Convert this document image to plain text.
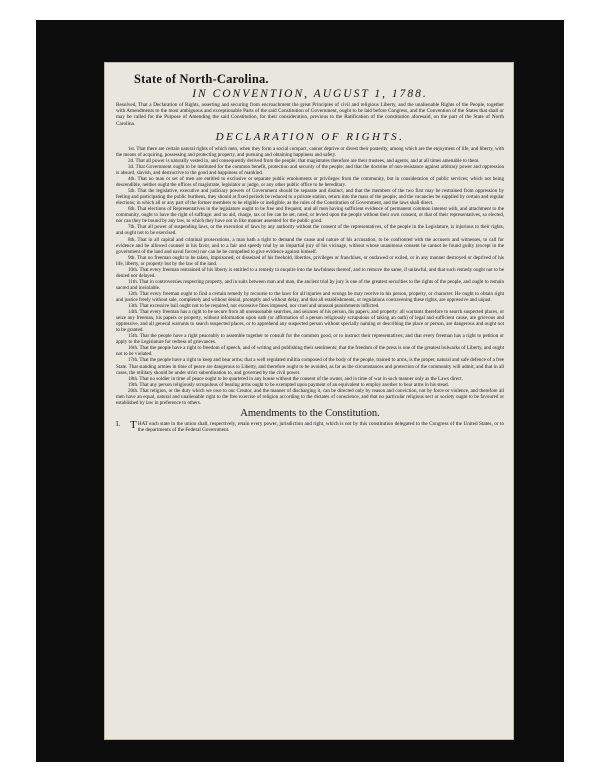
State of North-Carolina.
IN CONVENTION, AUGUST 1, 1788.

Resolved, That a Declaration of Rights, asserting and securing from encroachment the great Principles of civil and religious Liberty, and the unalienable Rights of the People, together with Amendments to the most ambiguous and exceptionable Parts of the said Constitution of Government, ought to be laid before Congress, and the Convention of the States that shall or may be called for the Purpose of Amending the said Constitution, for their consideration, previous to the Ratification of the constitution aforesaid, on the part of the State of North Carolina.

DECLARATION OF RIGHTS.

1st. That there are certain natural rights of which men, when they form a social compact, cannot deprive or divest their posterity, among which are the enjoyment of life, and liberty, with the means of acquiring, possessing and protecting property, and pursuing and obtaining happiness and safety.

2d. That all power is naturally vested in, and consequently derived from the people; that magistrates therefore are their trustees, and agents, and at all times amenable to them.

3d. That Government ought to be instituted for the common benefit, protection and security of the people; and that the doctrine of non-resistance against arbitrary power and oppression is absurd, slavish, and destructive to the good and happiness of mankind.

4th. That no man or set of men are entitled to exclusive or separate public emoluments or privileges from the community, but in consideration of public services; which not being descendible, neither ought the offices of magistrate, legislator or judge, or any other public office to be hereditary.

5th. That the legislative, executive and judiciary powers of Government should be separate and distinct, and that the members of the two first may be restrained from oppression by feeling and participating the public burthens, they should at fixed periods be reduced to a private station, return into the mass of the people; and the vacancies be supplied by certain and regular elections; in which all or any part of the former members to be eligible or ineligible, as the rules of the Constitution of Government, and the laws shall direct.

6th. That elections of Representatives in the legislature ought to be free and frequent, and all men having sufficient evidence of permanent common interest with, and attachment to the community, ought to have the right of suffrage: and no aid, charge, tax or fee can be set, rated, or levied upon the people without their own consent, or that of their representatives, so elected, nor can they be bound by any law, to which they have not in like manner assented for the public good.

7th. That all power of suspending laws, or the execution of laws by any authority without the consent of the representatives, of the people in the Legislature, is injurious to their rights, and ought not to be exercised.

8th. That in all capital and criminal prosecutions, a man hath a right to demand the cause and nature of his accusation, to be confronted with the accusers and witnesses, to call for evidence and be allowed counsel in his favor, and to a fair and speedy trial by an impartial jury of his vicinage, without whose unanimous consent he cannot be found guilty (except in the government of the land and naval forces) nor can he be compelled to give evidence against himself.

9th. That no freeman ought to be taken, imprisoned, or disseized of his freehold, liberties, privileges or franchises, or outlawed or exiled, or in any manner destroyed or deprived of his life, liberty, or property but by the law of the land.

10th. That every freeman restrained of his liberty is entitled to a remedy to enquire into the lawfulness thereof, and to remove the same, if unlawful, and that such remedy ought not to be denied nor delayed.

11th. That in controversies respecting property, and in suits between man and man, the ancient trial by jury is one of the greatest securities to the rights of the people, and ought to remain sacred and inviolable.

12th. That every freeman ought to find a certain remedy by recourse to the laws for all injuries and wrongs he may receive in his person, property, or character. He ought to obtain right and justice freely without sale, completely and without denial, promptly and without delay, and that all establishments, or regulations contravening these rights, are oppressive and unjust.

13th. That excessive bail ought not to be required, nor excessive fines imposed, nor cruel and unusual punishments inflicted.

14th. That every freeman has a right to be secure from all unreasonable searches, and seizures of his person, his papers, and property: all warrants therefore to search suspected places, or seize any freeman, his papers or property, without information upon oath (or affirmation of a person religiously scrupulous of taking an oath) of legal and sufficient cause, are grievous and oppressive, and all general warrants to search suspected places, or to apprehend any suspected person without specially naming or describing the place or person, are dangerous and ought not to be granted.

15th. That the people have a right peaceably to assemble together to consult for the common good, or to instruct their representatives; and that every freeman has a right to petition or apply to the Legislature for redress of grievances.

16th. That the people have a right to freedom of speech, and of writing and publishing their sentiments; that the freedom of the press is one of the greatest bulwarks of Liberty, and ought not to be violated.

17th. That the people have a right to keep and bear arms; that a well regulated militia composed of the body of the people, trained to arms, is the proper, natural and safe defence of a free State. That standing armies in time of peace are dangerous to Liberty, and therefore ought to be avoided, as far as the circumstances and protection of the community will admit; and that in all cases, the military should be under strict subordination to, and governed by the civil power.

18th. That no soldier in time of peace ought to be quartered in any house without the consent of the owner, and in time of war in such manner only as the Laws direct.

19th. That any person religiously scrupulous of bearing arms ought to be exempted upon payment of an equivalent to employ another to bear arms in his stead.

20th. That religion, or the duty which we owe to our Creator, and the manner of discharging it, can be directed only by reason and conviction, not by force or violence, and therefore all men have an equal, natural and unalienable right to the free exercise of religion according to the dictates of conscience, and that no particular religious sect or society ought to be favoured or established by law in preference to others.

Amendments to the Constitution.
I. T HAT each state in the union shall, respectively, retain every power, jurisdiction and right, which is not by this constitution delegated to the Congress of the United States, or to the departments of the Federal Government.
